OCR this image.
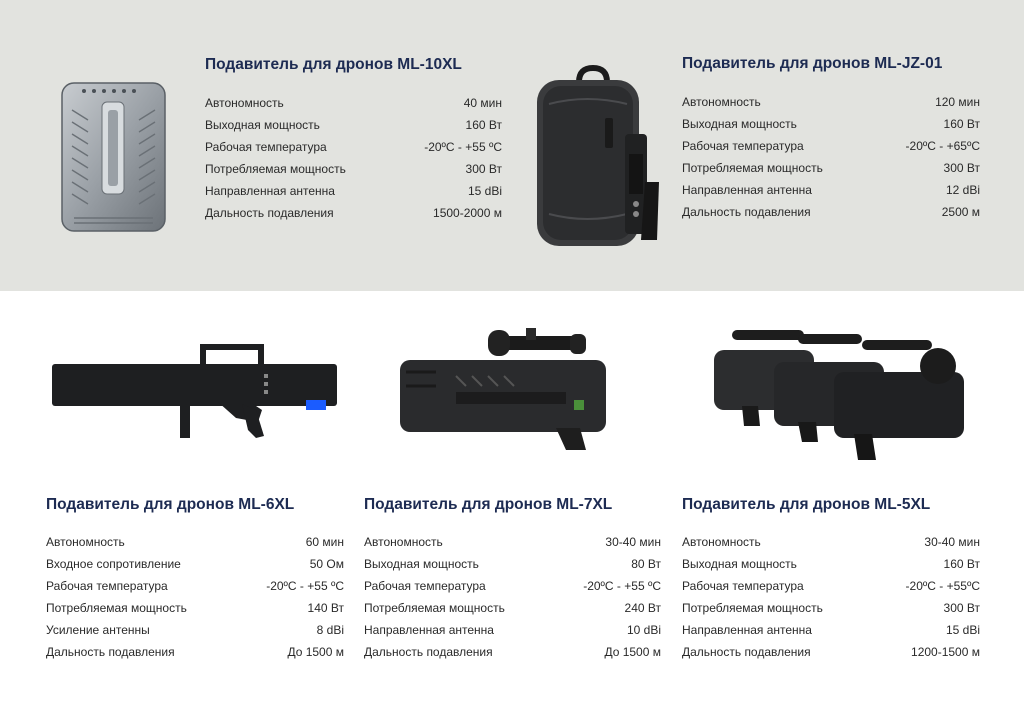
Подавитель для дронов ML-10XL
Автономность	40 мин
Выходная мощность	160 Вт
Рабочая температура	-20ºС - +55 ºС
Потребляемая мощность	300 Вт
Направленная антенна	15 dBi
Дальность подавления	1500-2000 м
Подавитель для дронов ML-JZ-01
Автономность	120 мин
Выходная мощность	160 Вт
Рабочая температура	-20ºС - +65ºС
Потребляемая мощность	300 Вт
Направленная антенна	12 dBi
Дальность подавления	2500 м
Подавитель для дронов ML-6XL
Автономность	60 мин
Входное сопротивление	50 Ом
Рабочая температура	-20ºС - +55 ºС
Потребляемая мощность	140 Вт
Усиление антенны	8 dBi
Дальность подавления	До 1500 м
Подавитель для дронов ML-7XL
Автономность	30-40 мин
Выходная мощность	80 Вт
Рабочая температура	-20ºС - +55 ºС
Потребляемая мощность	240 Вт
Направленная антенна	10 dBi
Дальность подавления	До 1500 м
Подавитель для дронов ML-5XL
Автономность	30-40 мин
Выходная мощность	160 Вт
Рабочая температура	-20ºС - +55ºС
Потребляемая мощность	300 Вт
Направленная антенна	15 dBi
Дальность подавления	1200-1500 м
